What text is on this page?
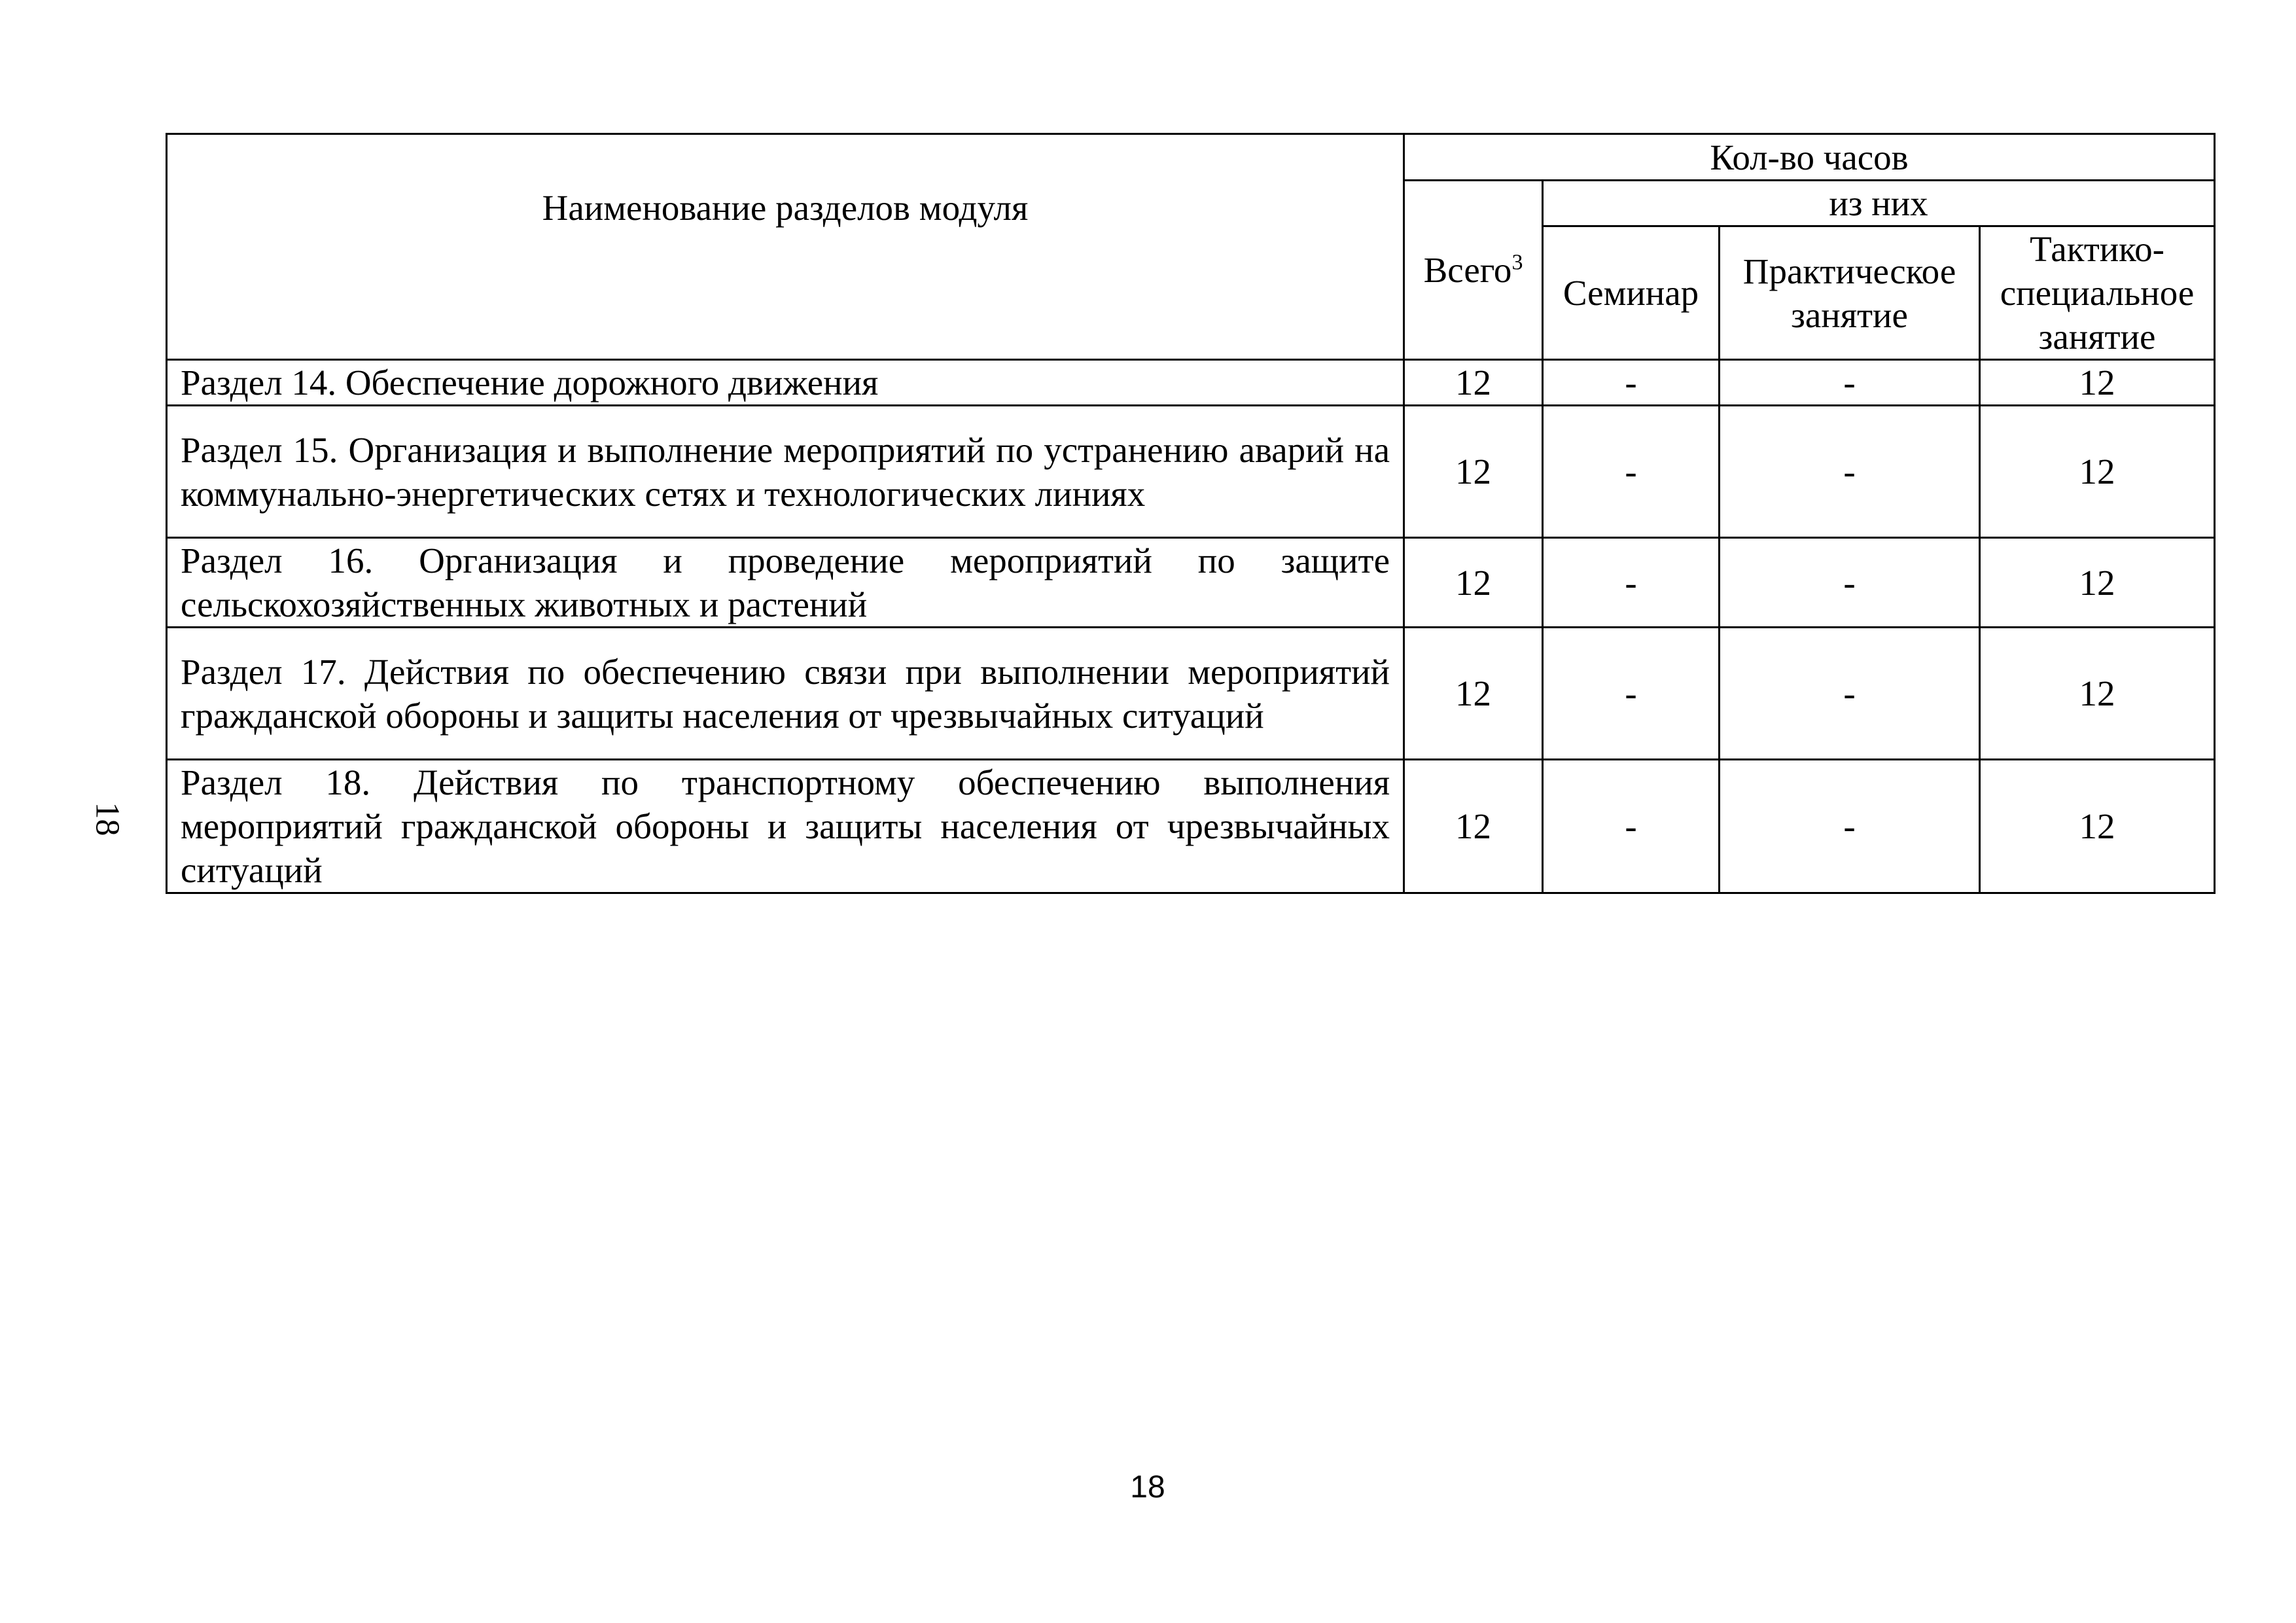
Наименование разделов модуля	Кол-во часов			
	Всего$^3$	из них		
		Семинар	Практическое занятие	Тактико-специальное занятие
Раздел 14. Обеспечение дорожного движения	12	-	-	12
Раздел 15. Организация и выполнение мероприятий по устранению аварий на коммунально-энергетических сетях и технологических линиях	12	-	-	12
Раздел 16. Организация и проведение мероприятий по защите сельскохозяйственных животных и растений	12	-	-	12
Раздел 17. Действия по обеспечению связи при выполнении мероприятий гражданской обороны и защиты населения от чрезвычайных ситуаций	12	-	-	12
Раздел 18. Действия по транспортному обеспечению выполнения мероприятий гражданской обороны и защиты населения от чрезвычайных ситуаций	12	-	-	12
18
18
